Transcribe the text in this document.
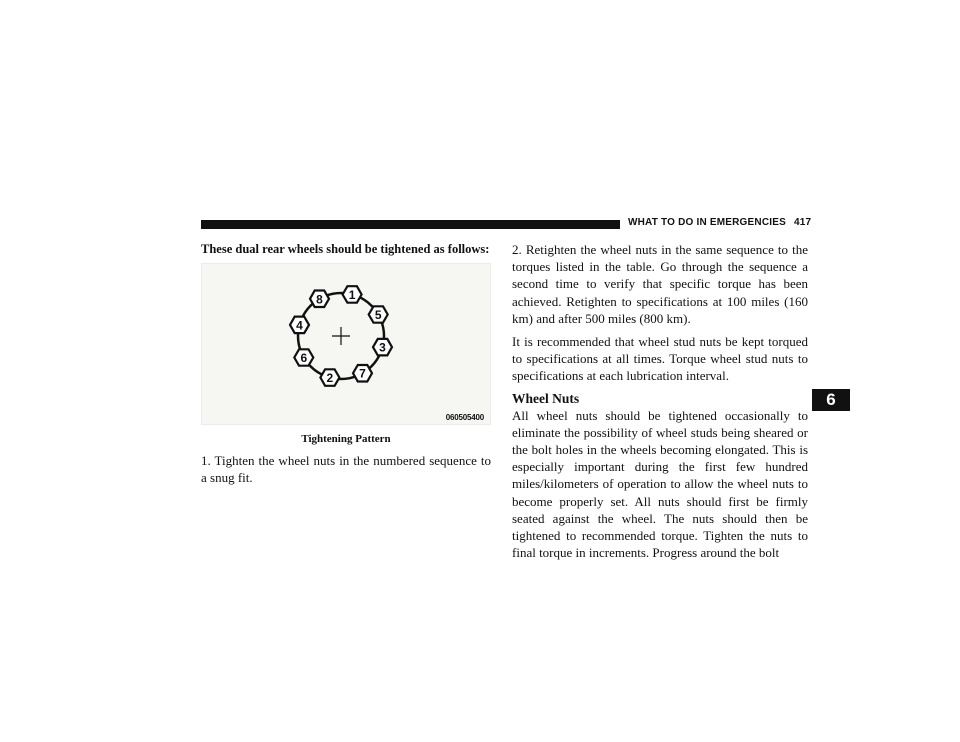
WHAT TO DO IN EMERGENCIES 417

These dual rear wheels should be tightened as follows:

1
5
3
7
2
6
4
8
060505400

Tightening Pattern

1. Tighten the wheel nuts in the numbered sequence to a snug fit.

2. Retighten the wheel nuts in the same sequence to the torques listed in the table. Go through the sequence a second time to verify that specific torque has been achieved. Retighten to specifications at 100 miles (160 km) and after 500 miles (800 km).

It is recommended that wheel stud nuts be kept torqued to specifications at all times. Torque wheel stud nuts to specifications at each lubrication interval.

Wheel Nuts

All wheel nuts should be tightened occasionally to eliminate the possibility of wheel studs being sheared or the bolt holes in the wheels becoming elongated. This is especially important during the first few hundred miles/kilometers of operation to allow the wheel nuts to become properly set. All nuts should first be firmly seated against the wheel. The nuts should then be tightened to recommended torque. Tighten the nuts to final torque in increments. Progress around the bolt

6
